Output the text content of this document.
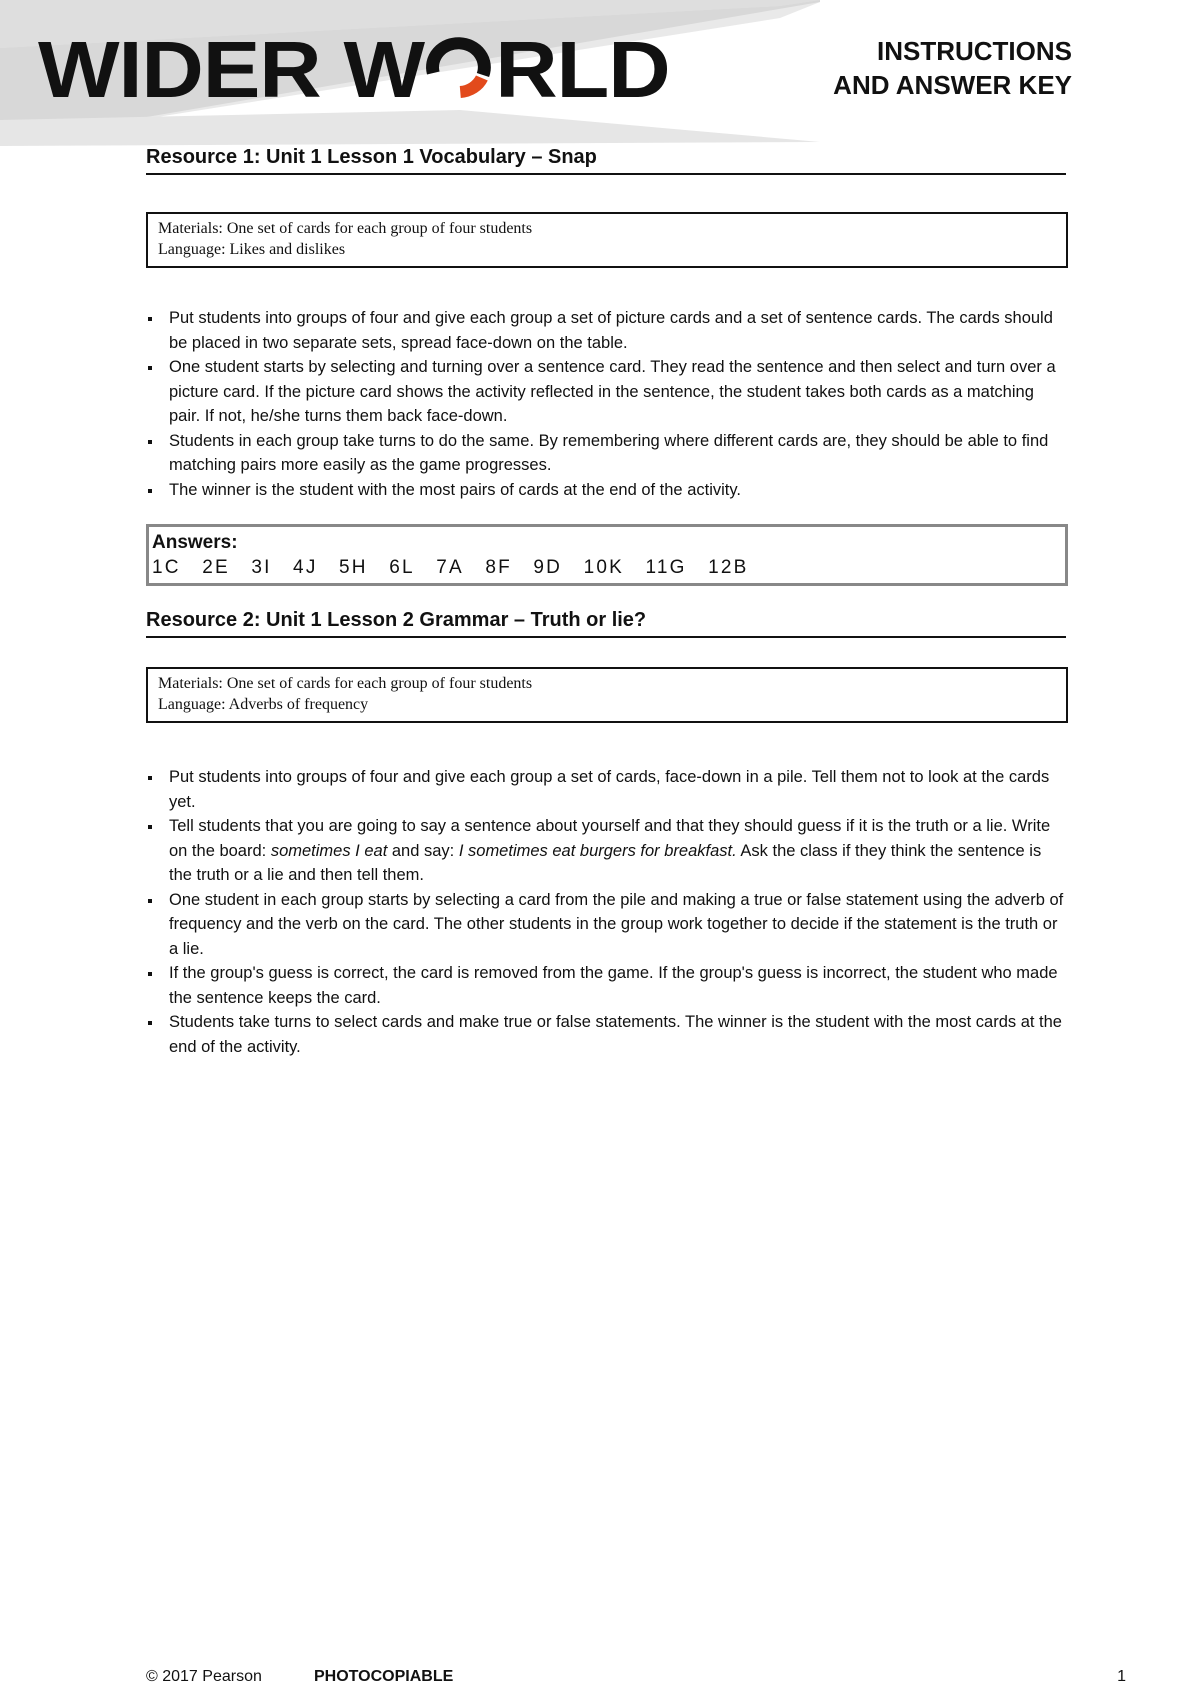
WIDER W RLD	INSTRUCTIONS
AND ANSWER KEY
Resource 1: Unit 1 Lesson 1 Vocabulary – Snap
Materials: One set of cards for each group of four students
Language: Likes and dislikes
Put students into groups of four and give each group a set of picture cards and a set of sentence cards. The cards should be placed in two separate sets, spread face-down on the table.
One student starts by selecting and turning over a sentence card. They read the sentence and then select and turn over a picture card. If the picture card shows the activity reflected in the sentence, the student takes both cards as a matching pair. If not, he/she turns them back face-down.
Students in each group take turns to do the same. By remembering where different cards are, they should be able to find matching pairs more easily as the game progresses.
The winner is the student with the most pairs of cards at the end of the activity.
Answers:
1C 2E 3I 4J 5H 6L 7A 8F 9D 10K 11G 12B
Resource 2: Unit 1 Lesson 2 Grammar – Truth or lie?
Materials: One set of cards for each group of four students
Language: Adverbs of frequency
Put students into groups of four and give each group a set of cards, face-down in a pile. Tell them not to look at the cards yet.
Tell students that you are going to say a sentence about yourself and that they should guess if it is the truth or a lie. Write on the board: sometimes I eat and say: I sometimes eat burgers for breakfast. Ask the class if they think the sentence is the truth or a lie and then tell them.
One student in each group starts by selecting a card from the pile and making a true or false statement using the adverb of frequency and the verb on the card. The other students in the group work together to decide if the statement is the truth or a lie.
If the group's guess is correct, the card is removed from the game. If the group's guess is incorrect, the student who made the sentence keeps the card.
Students take turns to select cards and make true or false statements. The winner is the student with the most cards at the end of the activity.
© 2017 Pearson	PHOTOCOPIABLE	1
